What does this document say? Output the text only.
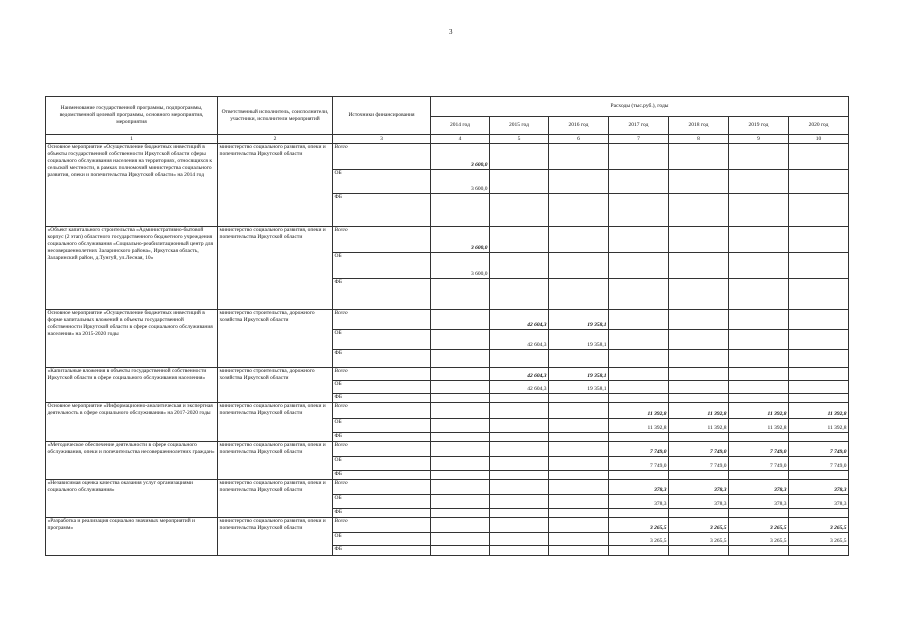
3
Наименование государственной программы, подпрограммы, ведомственной целевой программы, основного мероприятия, мероприятия	Ответственный исполнитель, соисполнители, участники, исполнители мероприятий	Источники финансирования	Расходы (тыс.руб.), годы						
			2014 год	2015 год	2016 год	2017 год	2018 год	2019 год	2020 год
1	2	3	4	5	6	7	8	9	10
Основное мероприятие «Осуществление бюджетных инвестиций в объекты государственной собственности Иркутской области сферы социального обслуживания населения на территориях, относящихся к сельской местности, в рамках полномочий министерства социального развития, опеки и попечительства Иркутской области» на 2014 год	министерство социального развития, опеки и попечительства Иркутской области	Всего	3 600,0						
		ОБ	3 600,0						
		ФБ							
«Объект капитального строительства «Административно-бытовой корпус (2 этап) областного государственного бюджетного учреждения социального обслуживания «Социально-реабилитационный центр для несовершеннолетних Заларинского района», Иркутская область, Заларинский район, д.Тунгуй, ул.Лесная, 10»	министерство социального развития, опеки и попечительства Иркутской области	Всего	3 600,0						
		ОБ	3 600,0						
		ФБ							
Основное мероприятие «Осуществление бюджетных инвестиций в форме капитальных вложений в объекты государственной собственности Иркутской области в сфере социального обслуживания населения» на 2015-2020 годы	министерство строительства, дорожного хозяйства Иркутской области	Всего		42 604,3	19 358,1				
		ОБ		42 604,3	19 358,1				
		ФБ							
«Капитальные вложения в объекты государственной собственности Иркутской области в сфере социального обслуживания населения»	министерство строительства, дорожного хозяйства Иркутской области	Всего		42 604,3	19 358,1				
		ОБ		42 604,3	19 358,1				
		ФБ							
Основное мероприятие «Информационно-аналитическая и экспертная деятельность в сфере социального обслуживания» на 2017-2020 годы	министерство социального развития, опеки и попечительства Иркутской области	Всего				11 392,8	11 392,8	11 392,8	11 392,8
		ОБ				11 392,8	11 392,8	11 392,8	11 392,8
		ФБ							
«Методическое обеспечение деятельности в сфере социального обслуживания, опеки и попечительства несовершеннолетних граждан»	министерство социального развития, опеки и попечительства Иркутской области	Всего				7 749,0	7 749,0	7 749,0	7 749,0
		ОБ				7 749,0	7 749,0	7 749,0	7 749,0
		ФБ							
«Независимая оценка качества оказания услуг организациями социального обслуживания»	министерство социального развития, опеки и попечительства Иркутской области	Всего				378,3	378,3	378,3	378,3
		ОБ				378,3	378,3	378,3	378,3
		ФБ							
«Разработка и реализация социально значимых мероприятий и программ»	министерство социального развития, опеки и попечительства Иркутской области	Всего				3 265,5	3 265,5	3 265,5	3 265,5
		ОБ				3 265,5	3 265,5	3 265,5	3 265,5
		ФБ							
